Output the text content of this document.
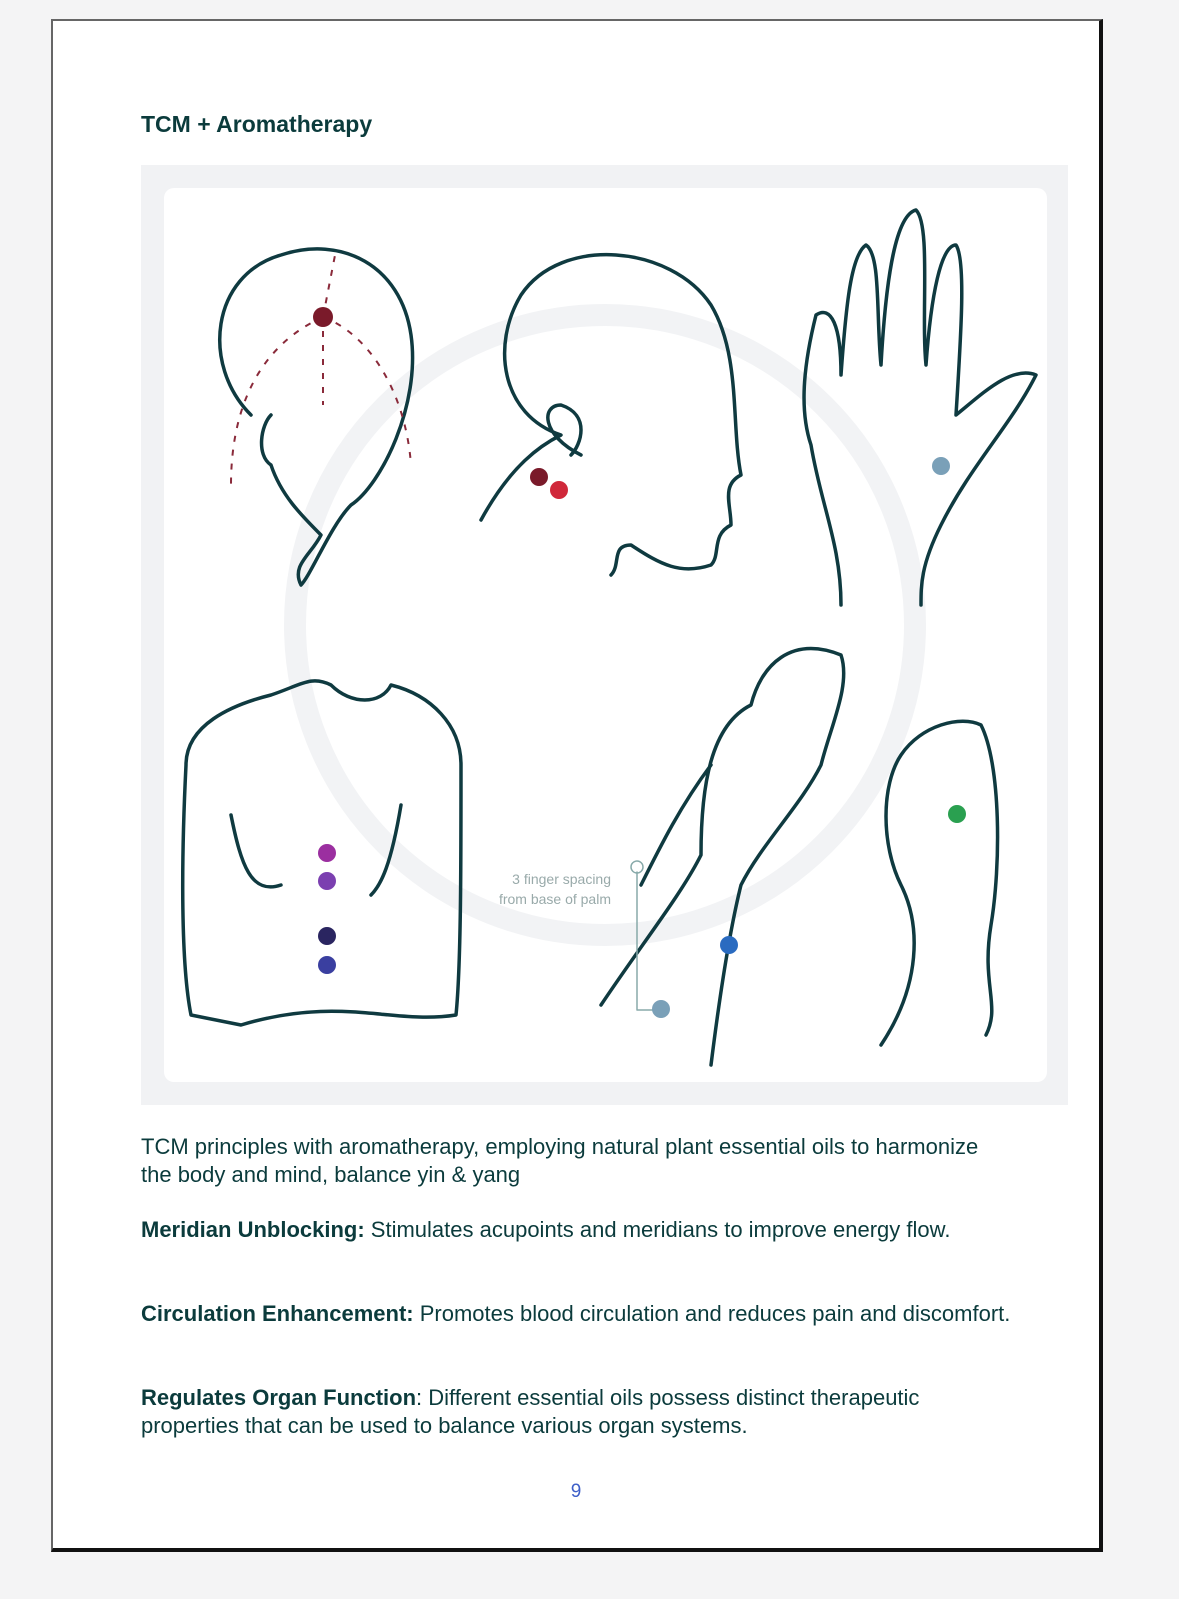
TCM + Aromatherapy
3 finger spacing
from base of palm
TCM principles with aromatherapy, employing natural plant essential oils to harmonize the body and mind, balance yin & yang
Meridian Unblocking: Stimulates acupoints and meridians to improve energy flow.
Circulation Enhancement: Promotes blood circulation and reduces pain and discomfort.
Regulates Organ Function: Different essential oils possess distinct therapeutic properties that can be used to balance various organ systems.
9
